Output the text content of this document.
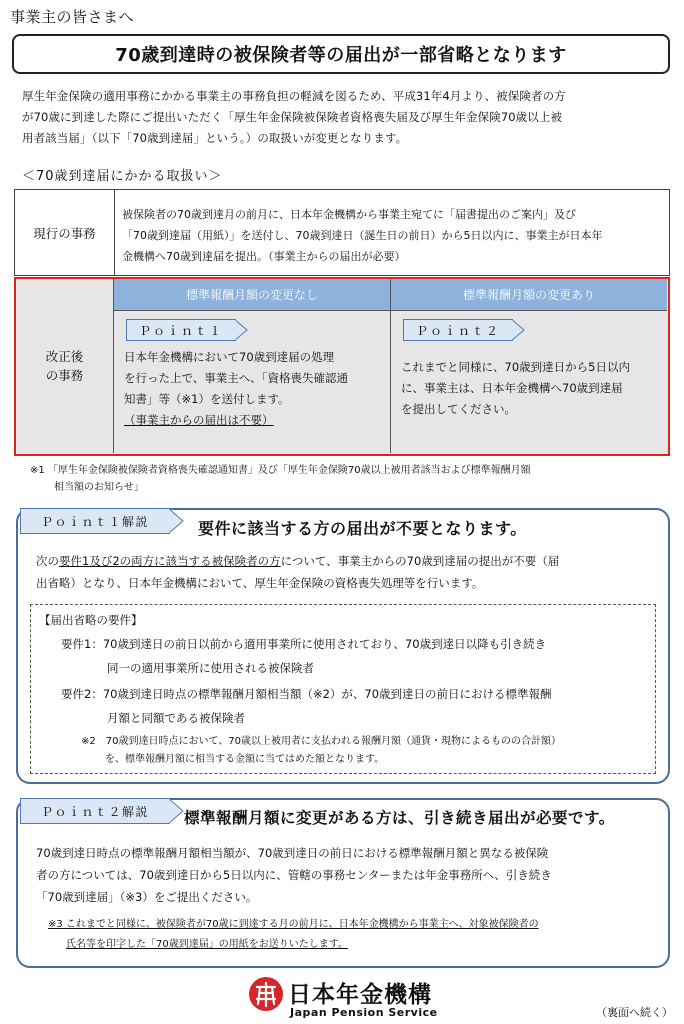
事業主の皆さまへ
70歳到達時の被保険者等の届出が一部省略となります
厚生年金保険の適用事務にかかる事業主の事務負担の軽減を図るため、平成31年4月より、被保険者の方
が70歳に到達した際にご提出いただく「厚生年金保険被保険者資格喪失届及び厚生年金保険70歳以上被
用者該当届」（以下「70歳到達届」という。）の取扱いが変更となります。
＜70歳到達届にかかる取扱い＞
現行の事務
被保険者の70歳到達月の前月に、日本年金機構から事業主宛てに「届書提出のご案内」及び
「70歳到達届（用紙）」を送付し、70歳到達日（誕生日の前日）から5日以内に、事業主が日本年
金機構へ70歳到達届を提出。（事業主からの届出が必要）
改正後
の事務
標準報酬月額の変更なし	標準報酬月額の変更あり
Ｐｏｉｎｔ１
日本年金機構において70歳到達届の処理
を行った上で、事業主へ、「資格喪失確認通
知書」等（※1）を送付します。
（事業主からの届出は不要）
Ｐｏｉｎｔ２
これまでと同様に、70歳到達日から5日以内
に、事業主は、日本年金機構へ70歳到達届
を提出してください。
※1 「厚生年金保険被保険者資格喪失確認通知書」及び「厚生年金保険70歳以上被用者該当および標準報酬月額
相当額のお知らせ」
Ｐｏｉｎｔ１解説	要件に該当する方の届出が不要となります。
次の要件1及び2の両方に該当する被保険者の方について、事業主からの70歳到達届の提出が不要（届
出省略）となり、日本年金機構において、厚生年金保険の資格喪失処理等を行います。
【届出省略の要件】
要件1：70歳到達日の前日以前から適用事業所に使用されており、70歳到達日以降も引き続き
同一の適用事業所に使用される被保険者
要件2：70歳到達日時点の標準報酬月額相当額（※2）が、70歳到達日の前日における標準報酬
月額と同額である被保険者
※2　70歳到達日時点において、70歳以上被用者に支払われる報酬月額（通貨・現物によるものの合計額）
を、標準報酬月額に相当する金額に当てはめた額となります。
Ｐｏｉｎｔ２解説	標準報酬月額に変更がある方は、引き続き届出が必要です。
70歳到達日時点の標準報酬月額相当額が、70歳到達日の前日における標準報酬月額と異なる被保険
者の方については、70歳到達日から5日以内に、管轄の事務センターまたは年金事務所へ、引き続き
「70歳到達届」（※3）をご提出ください。
※3 これまでと同様に、被保険者が70歳に到達する月の前月に、日本年金機構から事業主へ、対象被保険者の
氏名等を印字した「70歳到達届」の用紙をお送りいたします。
日本年金機構
Japan Pension Service	（裏面へ続く）
